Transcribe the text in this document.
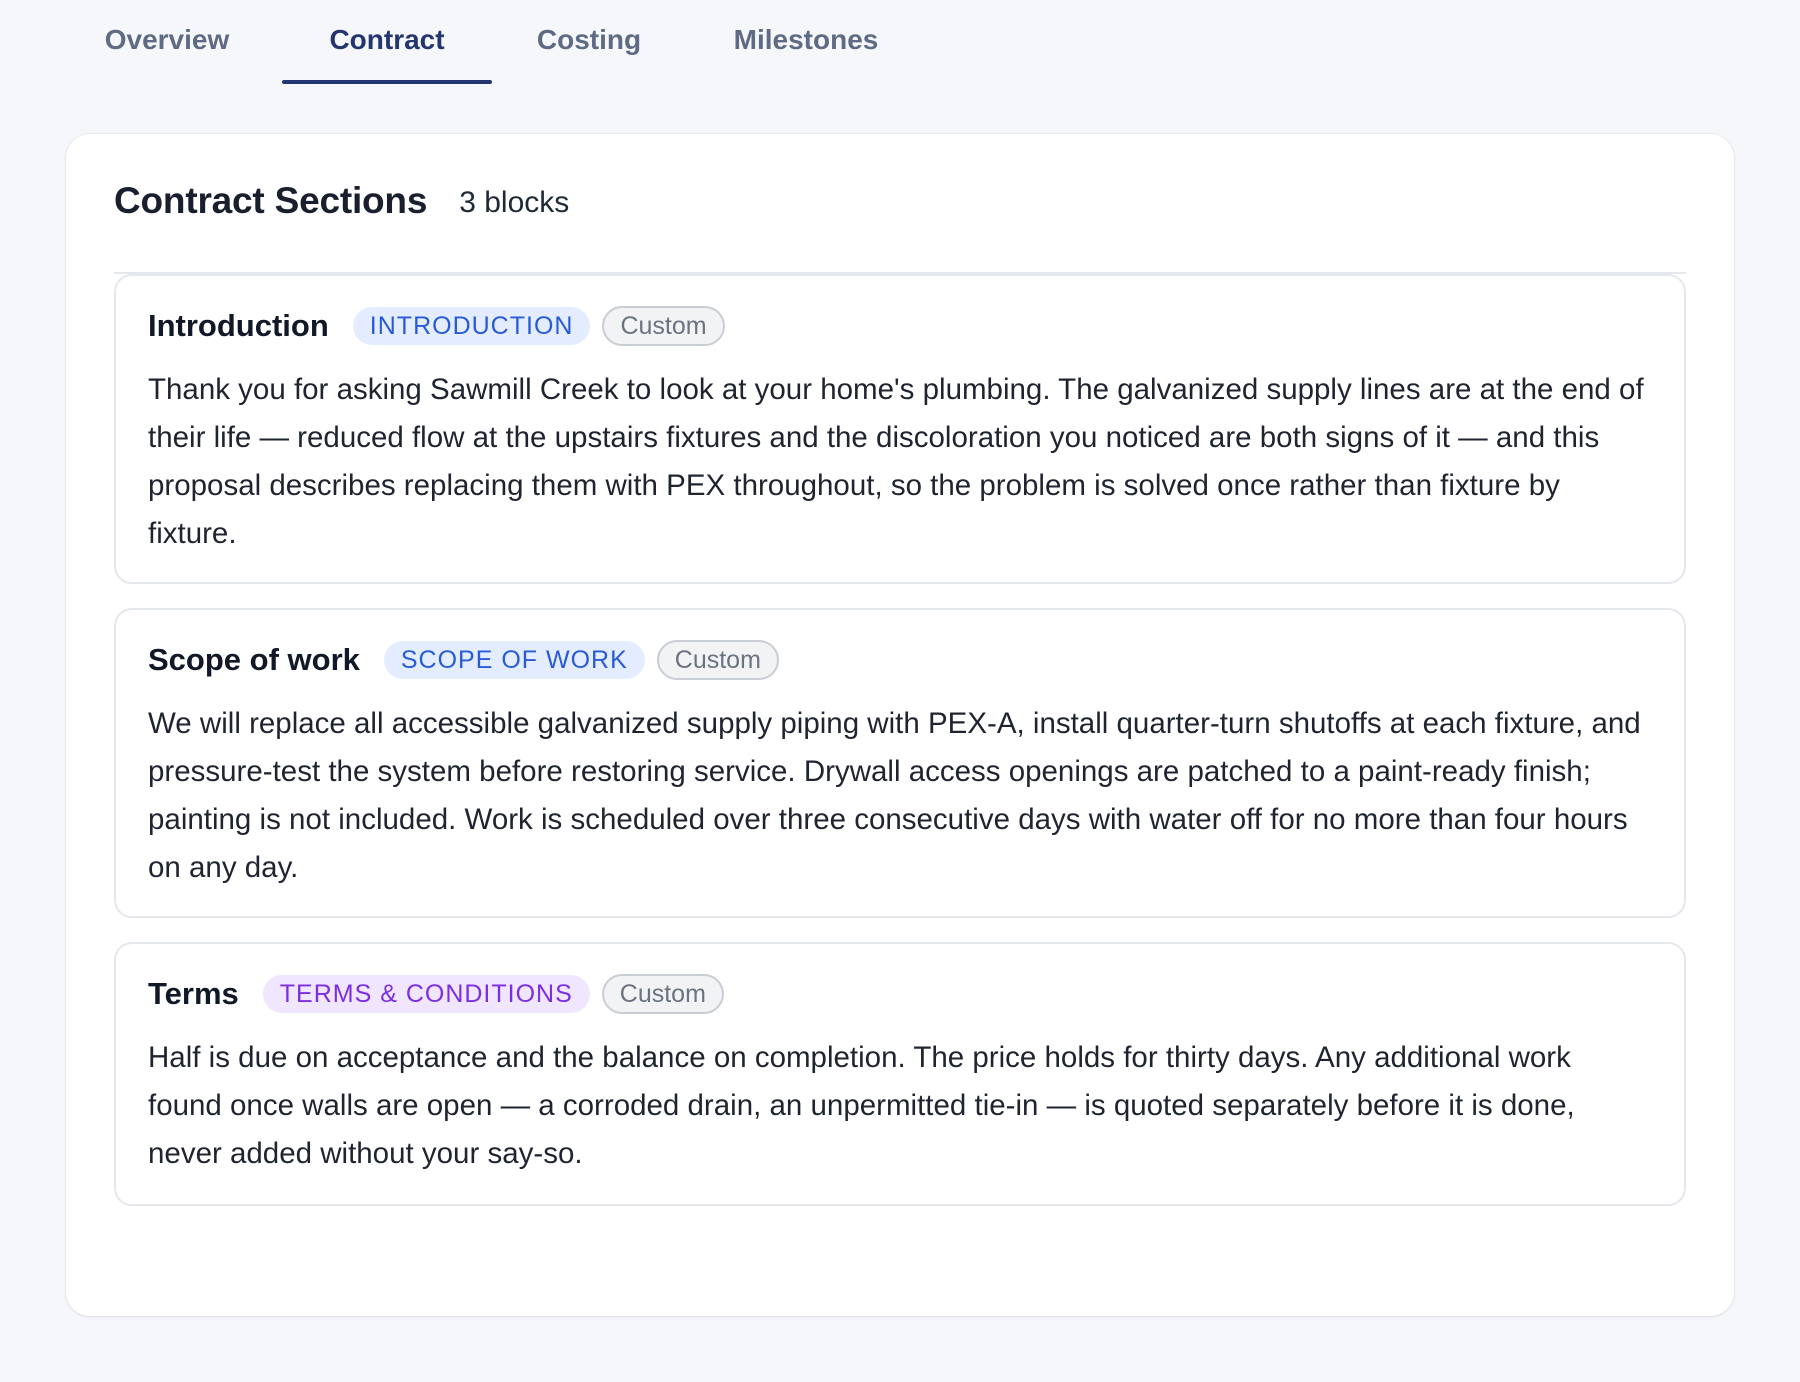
Overview	Contract	Costing	Milestones
Contract Sections 3 blocks
Introduction	INTRODUCTION	Custom

Thank you for asking Sawmill Creek to look at your home's plumbing. The galvanized supply lines are at the end of their life — reduced flow at the upstairs fixtures and the discoloration you noticed are both signs of it — and this proposal describes replacing them with PEX throughout, so the problem is solved once rather than fixture by fixture.

Scope of work	SCOPE OF WORK	Custom

We will replace all accessible galvanized supply piping with PEX-A, install quarter-turn shutoffs at each fixture, and pressure-test the system before restoring service. Drywall access openings are patched to a paint-ready finish; painting is not included. Work is scheduled over three consecutive days with water off for no more than four hours on any day.

Terms	TERMS & CONDITIONS	Custom

Half is due on acceptance and the balance on completion. The price holds for thirty days. Any additional work found once walls are open — a corroded drain, an unpermitted tie-in — is quoted separately before it is done, never added without your say-so.
